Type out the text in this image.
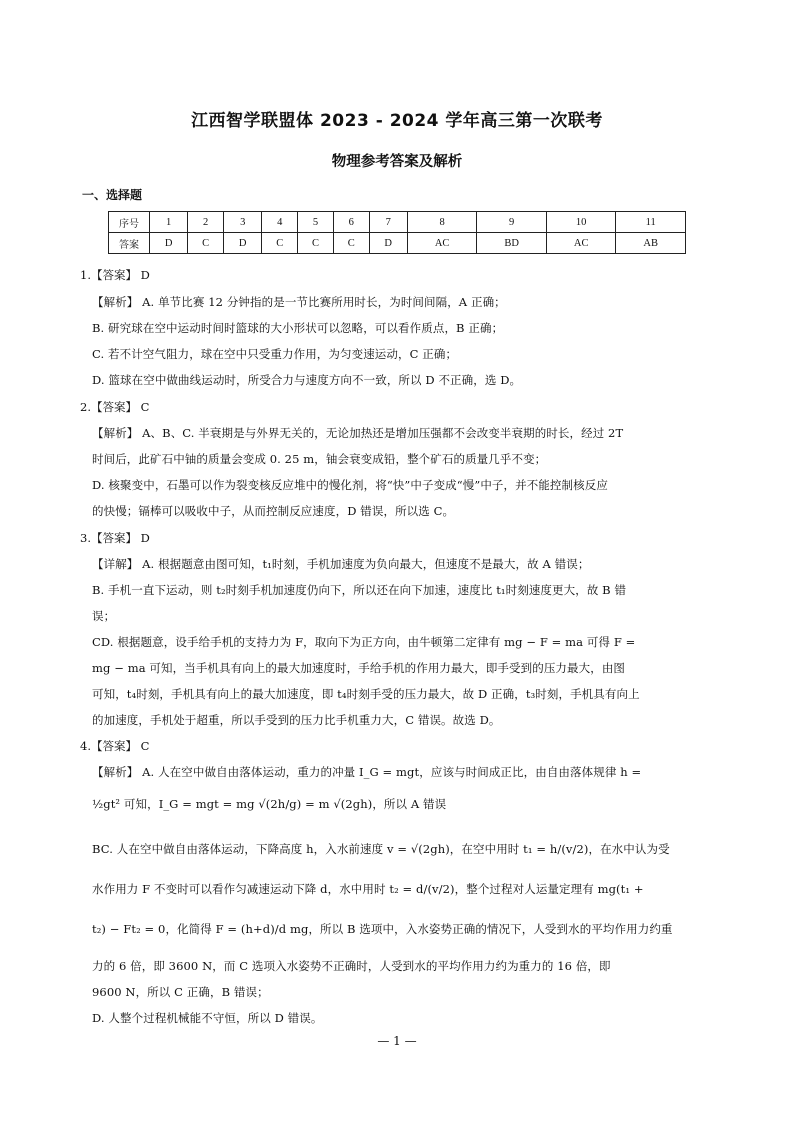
江西智学联盟体 2023 - 2024 学年高三第一次联考
物理参考答案及解析
一、选择题
序号	1	2	3	4	5	6	7	8	9	10	11
答案	D	C	D	C	C	C	D	AC	BD	AC	AB
1.【答案】 D
【解析】 A. 单节比赛 12 分钟指的是一节比赛所用时长，为时间间隔，A 正确；
B. 研究球在空中运动时间时篮球的大小形状可以忽略，可以看作质点，B 正确；
C. 若不计空气阻力，球在空中只受重力作用，为匀变速运动，C 正确；
D. 篮球在空中做曲线运动时，所受合力与速度方向不一致，所以 D 不正确，选 D。
2.【答案】 C
【解析】 A、B、C. 半衰期是与外界无关的，无论加热还是增加压强都不会改变半衰期的时长，经过 2T
时间后，此矿石中铀的质量会变成 0. 25 m，铀会衰变成铅，整个矿石的质量几乎不变；
D. 核聚变中，石墨可以作为裂变核反应堆中的慢化剂，将“快”中子变成“慢”中子，并不能控制核反应
的快慢；镉棒可以吸收中子，从而控制反应速度，D 错误，所以选 C。
3.【答案】 D
【详解】 A. 根据题意由图可知，t₁时刻，手机加速度为负向最大，但速度不是最大，故 A 错误；
B. 手机一直下运动，则 t₂时刻手机加速度仍向下，所以还在向下加速，速度比 t₁时刻速度更大，故 B 错
误；
CD. 根据题意，设手给手机的支持力为 F，取向下为正方向，由牛顿第二定律有 mg − F = ma 可得 F =
mg − ma 可知，当手机具有向上的最大加速度时，手给手机的作用力最大，即手受到的压力最大，由图
可知，t₄时刻，手机具有向上的最大加速度，即 t₄时刻手受的压力最大，故 D 正确，t₃时刻，手机具有向上
的加速度，手机处于超重，所以手受到的压力比手机重力大，C 错误。故选 D。
4.【答案】 C
【解析】 A. 人在空中做自由落体运动，重力的冲量 I_G = mgt，应该与时间成正比，由自由落体规律 h =
½gt² 可知，I_G = mgt = mg √(2h/g) = m √(2gh)，所以 A 错误
BC. 人在空中做自由落体运动，下降高度 h，入水前速度 v = √(2gh)，在空中用时 t₁ = h/(v/2)，在水中认为受
水作用力 F 不变时可以看作匀减速运动下降 d，水中用时 t₂ = d/(v/2)，整个过程对人运量定理有 mg(t₁ +
t₂) − Ft₂ = 0，化简得 F = (h+d)/d mg，所以 B 选项中，入水姿势正确的情况下，人受到水的平均作用力约重
力的 6 倍，即 3600 N，而 C 选项入水姿势不正确时，人受到水的平均作用力约为重力的 16 倍，即
9600 N，所以 C 正确，B 错误；
D. 人整个过程机械能不守恒，所以 D 错误。
— 1 —
